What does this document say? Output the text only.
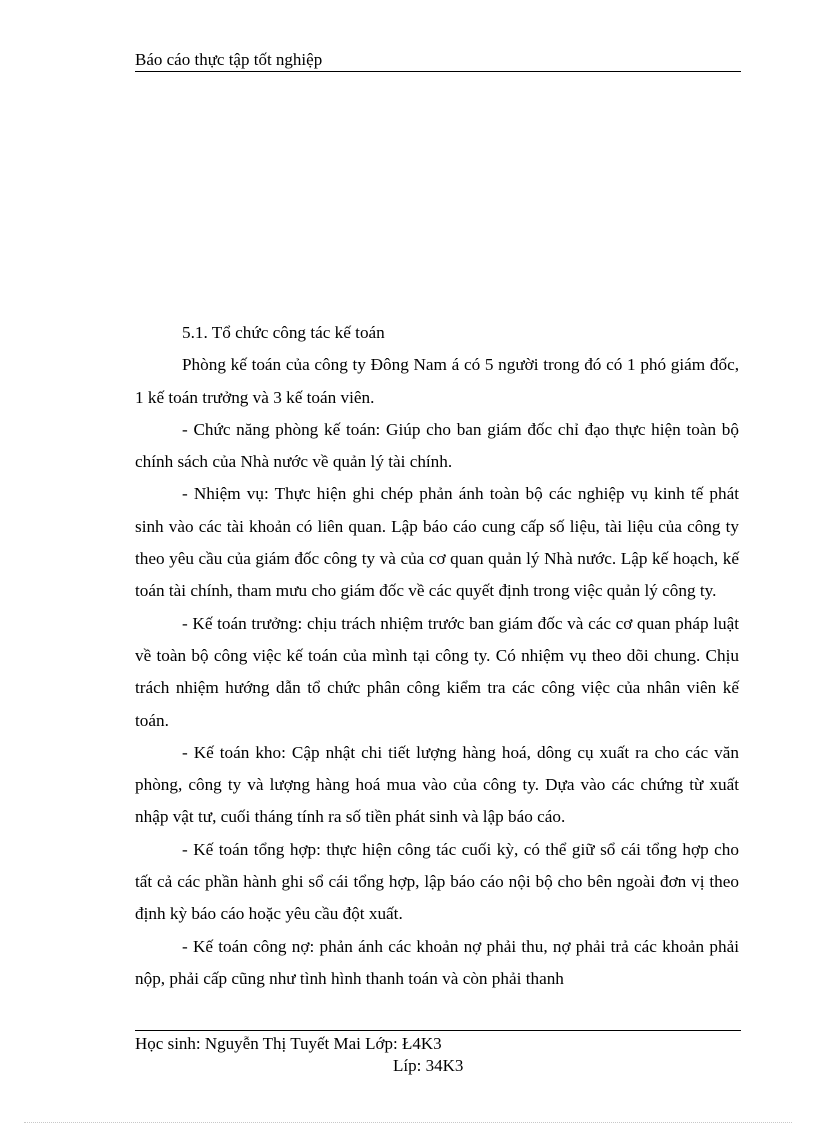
Báo cáo thực tập tốt nghiệp

5.1. Tổ chức công tác kế toán

Phòng kế toán của công ty Đông Nam á có 5 người trong đó có 1 phó giám đốc, 1 kế toán trưởng và 3 kế toán viên.

- Chức năng phòng kế toán: Giúp cho ban giám đốc chỉ đạo thực hiện toàn bộ chính sách của Nhà nước về quản lý tài chính.

- Nhiệm vụ: Thực hiện ghi chép phản ánh toàn bộ các nghiệp vụ kinh tế phát sinh vào các tài khoản có liên quan. Lập báo cáo cung cấp số liệu, tài liệu của công ty theo yêu cầu của giám đốc công ty và của cơ quan quản lý Nhà nước. Lập kế hoạch, kế toán tài chính, tham mưu cho giám đốc về các quyết định trong việc quản lý công ty.

- Kế toán trưởng: chịu trách nhiệm trước ban giám đốc và các cơ quan pháp luật về toàn bộ công việc kế toán của mình tại công ty. Có nhiệm vụ theo dõi chung. Chịu trách nhiệm hướng dẫn tổ chức phân công kiểm tra các công việc của nhân viên kế toán.

- Kế toán kho: Cập nhật chi tiết lượng hàng hoá, dông cụ xuất ra cho các văn phòng, công ty và lượng hàng hoá mua vào của công ty. Dựa vào các chứng từ xuất nhập vật tư, cuối tháng tính ra số tiền phát sinh và lập báo cáo.

- Kế toán tổng hợp: thực hiện công tác cuối kỳ, có thể giữ sổ cái tổng hợp cho tất cả các phần hành ghi sổ cái tổng hợp, lập báo cáo nội bộ cho bên ngoài đơn vị theo định kỳ báo cáo hoặc yêu cầu đột xuất.

- Kế toán công nợ: phản ánh các khoản nợ phải thu, nợ phải trả các khoản phải nộp, phải cấp cũng như tình hình thanh toán và còn phải thanh

Học sinh: Nguyễn Thị Tuyết Mai Lớp: Ł4K3
Líp: 34K3
